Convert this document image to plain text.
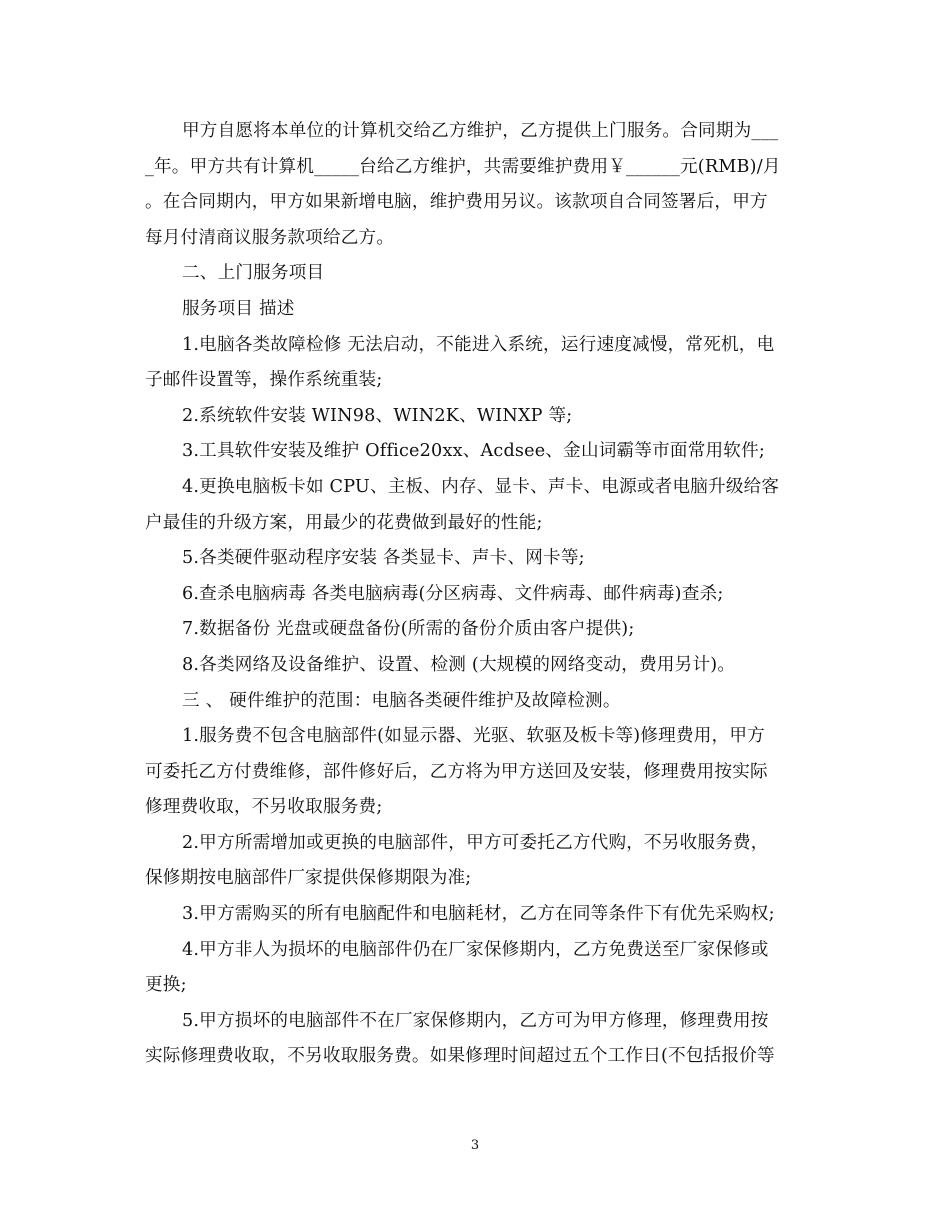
甲方自愿将本单位的计算机交给乙方维护，乙方提供上门服务。合同期为___
_年。甲方共有计算机_____台给乙方维护，共需要维护费用￥______元(RMB)/月
。在合同期内，甲方如果新增电脑，维护费用另议。该款项自合同签署后，甲方
每月付清商议服务款项给乙方。

二、上门服务项目

服务项目 描述

1.电脑各类故障检修 无法启动，不能进入系统，运行速度减慢，常死机，电
子邮件设置等，操作系统重装;

2.系统软件安装 WIN98、WIN2K、WINXP 等;

3.工具软件安装及维护 Office20xx、Acdsee、金山词霸等市面常用软件;

4.更换电脑板卡如 CPU、主板、内存、显卡、声卡、电源或者电脑升级给客
户最佳的升级方案，用最少的花费做到最好的性能;

5.各类硬件驱动程序安装 各类显卡、声卡、网卡等;

6.查杀电脑病毒 各类电脑病毒(分区病毒、文件病毒、邮件病毒)查杀;

7.数据备份 光盘或硬盘备份(所需的备份介质由客户提供);

8.各类网络及设备维护、设置、检测 (大规模的网络变动，费用另计)。

三 、 硬件维护的范围：电脑各类硬件维护及故障检测。

1.服务费不包含电脑部件(如显示器、光驱、软驱及板卡等)修理费用，甲方
可委托乙方付费维修，部件修好后，乙方将为甲方送回及安装，修理费用按实际
修理费收取，不另收取服务费;

2.甲方所需增加或更换的电脑部件，甲方可委托乙方代购，不另收服务费，
保修期按电脑部件厂家提供保修期限为准;

3.甲方需购买的所有电脑配件和电脑耗材，乙方在同等条件下有优先采购权;

4.甲方非人为损坏的电脑部件仍在厂家保修期内，乙方免费送至厂家保修或
更换;

5.甲方损坏的电脑部件不在厂家保修期内，乙方可为甲方修理，修理费用按
实际修理费收取，不另收取服务费。如果修理时间超过五个工作日(不包括报价等

3
